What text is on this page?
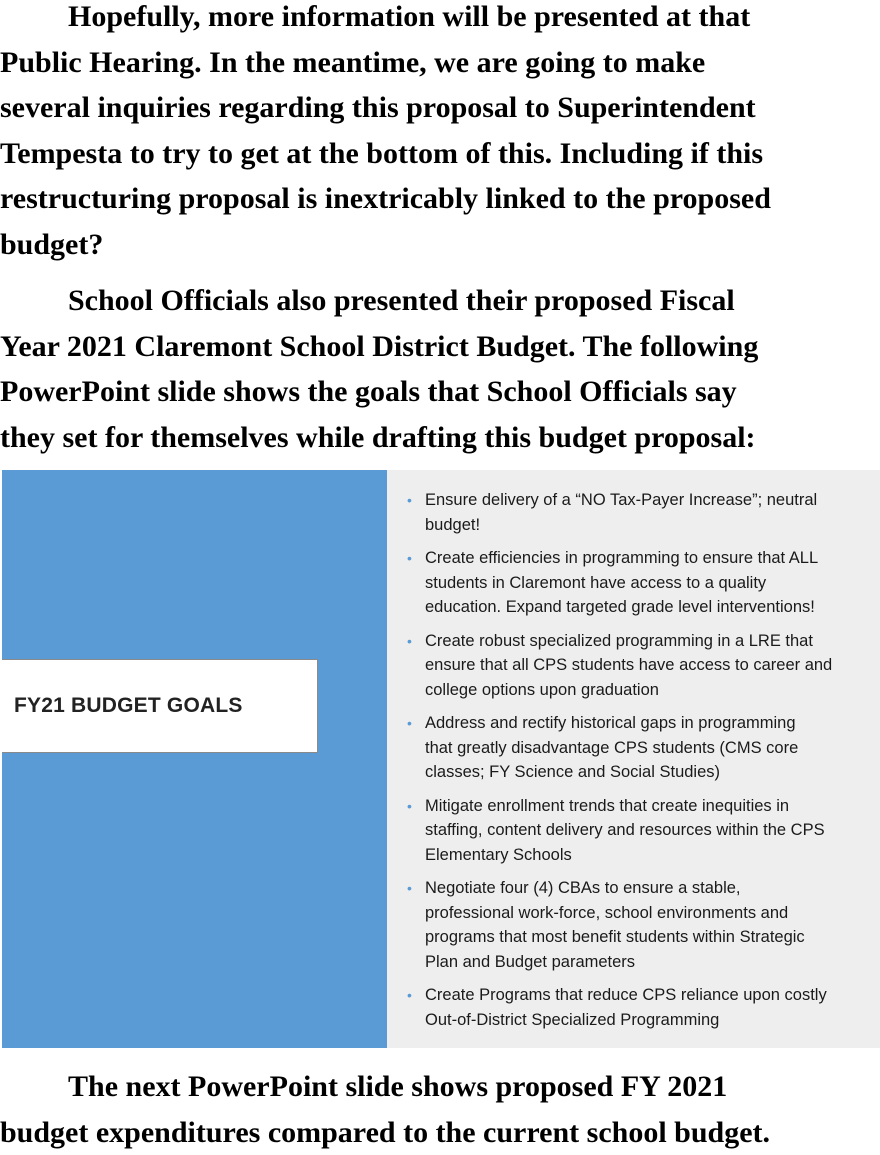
Hopefully, more information will be presented at that
Public Hearing. In the meantime, we are going to make
several inquiries regarding this proposal to Superintendent
Tempesta to try to get at the bottom of this. Including if this
restructuring proposal is inextricably linked to the proposed
budget?

School Officials also presented their proposed Fiscal
Year 2021 Claremont School District Budget. The following
PowerPoint slide shows the goals that School Officials say
they set for themselves while drafting this budget proposal:

FY21 BUDGET GOALS
• Ensure delivery of a “NO Tax-Payer Increase”; neutral
budget!
• Create efficiencies in programming to ensure that ALL
students in Claremont have access to a quality
education. Expand targeted grade level interventions!
• Create robust specialized programming in a LRE that
ensure that all CPS students have access to career and
college options upon graduation
• Address and rectify historical gaps in programming
that greatly disadvantage CPS students (CMS core
classes; FY Science and Social Studies)
• Mitigate enrollment trends that create inequities in
staffing, content delivery and resources within the CPS
Elementary Schools
• Negotiate four (4) CBAs to ensure a stable,
professional work-force, school environments and
programs that most benefit students within Strategic
Plan and Budget parameters
• Create Programs that reduce CPS reliance upon costly
Out-of-District Specialized Programming

The next PowerPoint slide shows proposed FY 2021
budget expenditures compared to the current school budget.
